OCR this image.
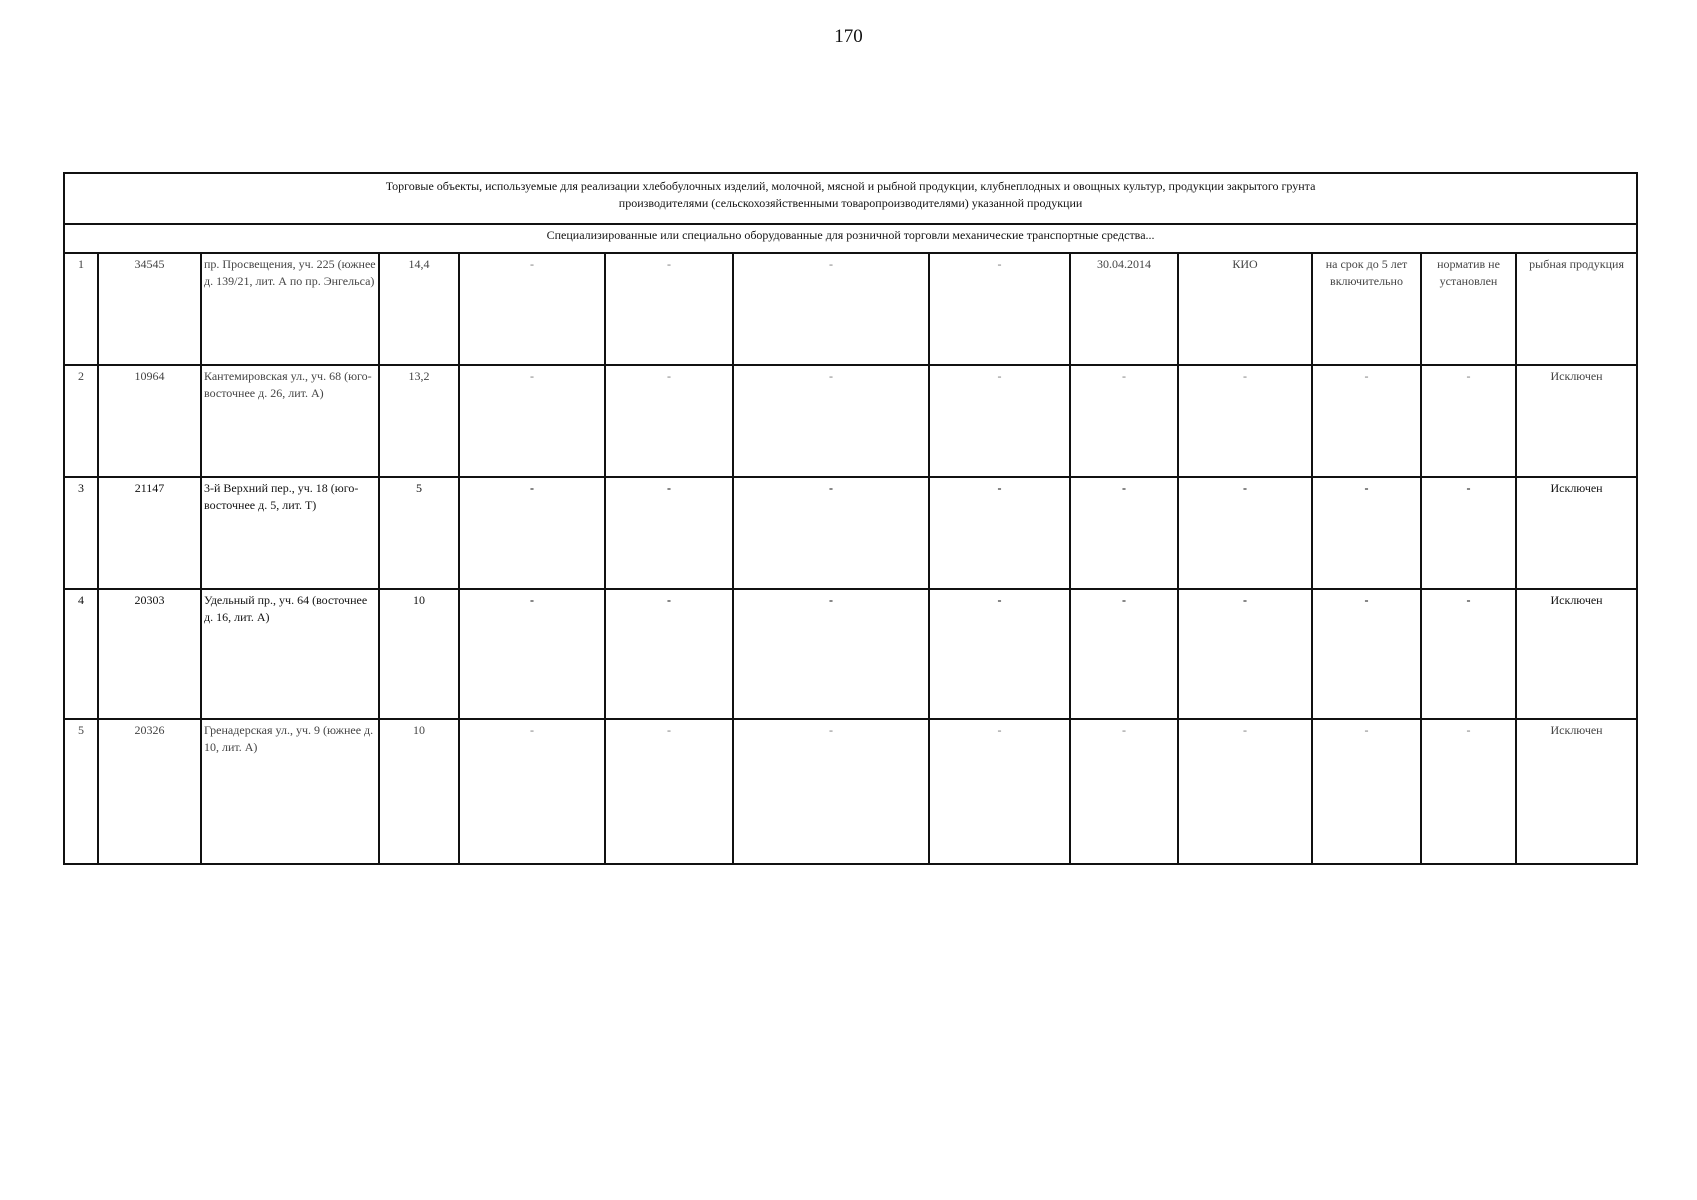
170
Торговые объекты, используемые для реализации хлебобулочных изделий, молочной, мясной и рыбной продукции, клубнеплодных и овощных культур, продукции закрытого грунта
производителями (сельскохозяйственными товаропроизводителями) указанной продукции												

Специализированные или специально оборудованные для розничной торговли механические транспортные средства...												
1	34545	пр. Просвещения, уч. 225 (южнее д. 139/21, лит. А по пр. Энгельса)	14,4	-	-	-	-	30.04.2014	КИО	на срок до 5 лет включительно	норматив не установлен	рыбная продукция
2	10964	Кантемировская ул., уч. 68 (юго-восточнее д. 26, лит. А)	13,2	-	-	-	-	-	-	-	-	Исключен
3	21147	3-й Верхний пер., уч. 18 (юго-восточнее д. 5, лит. Т)	5	-	-	-	-	-	-	-	-	Исключен
4	20303	Удельный пр., уч. 64 (восточнее д. 16, лит. А)	10	-	-	-	-	-	-	-	-	Исключен
5	20326	Гренадерская ул., уч. 9 (южнее д. 10, лит. А)	10	-	-	-	-	-	-	-	-	Исключен
